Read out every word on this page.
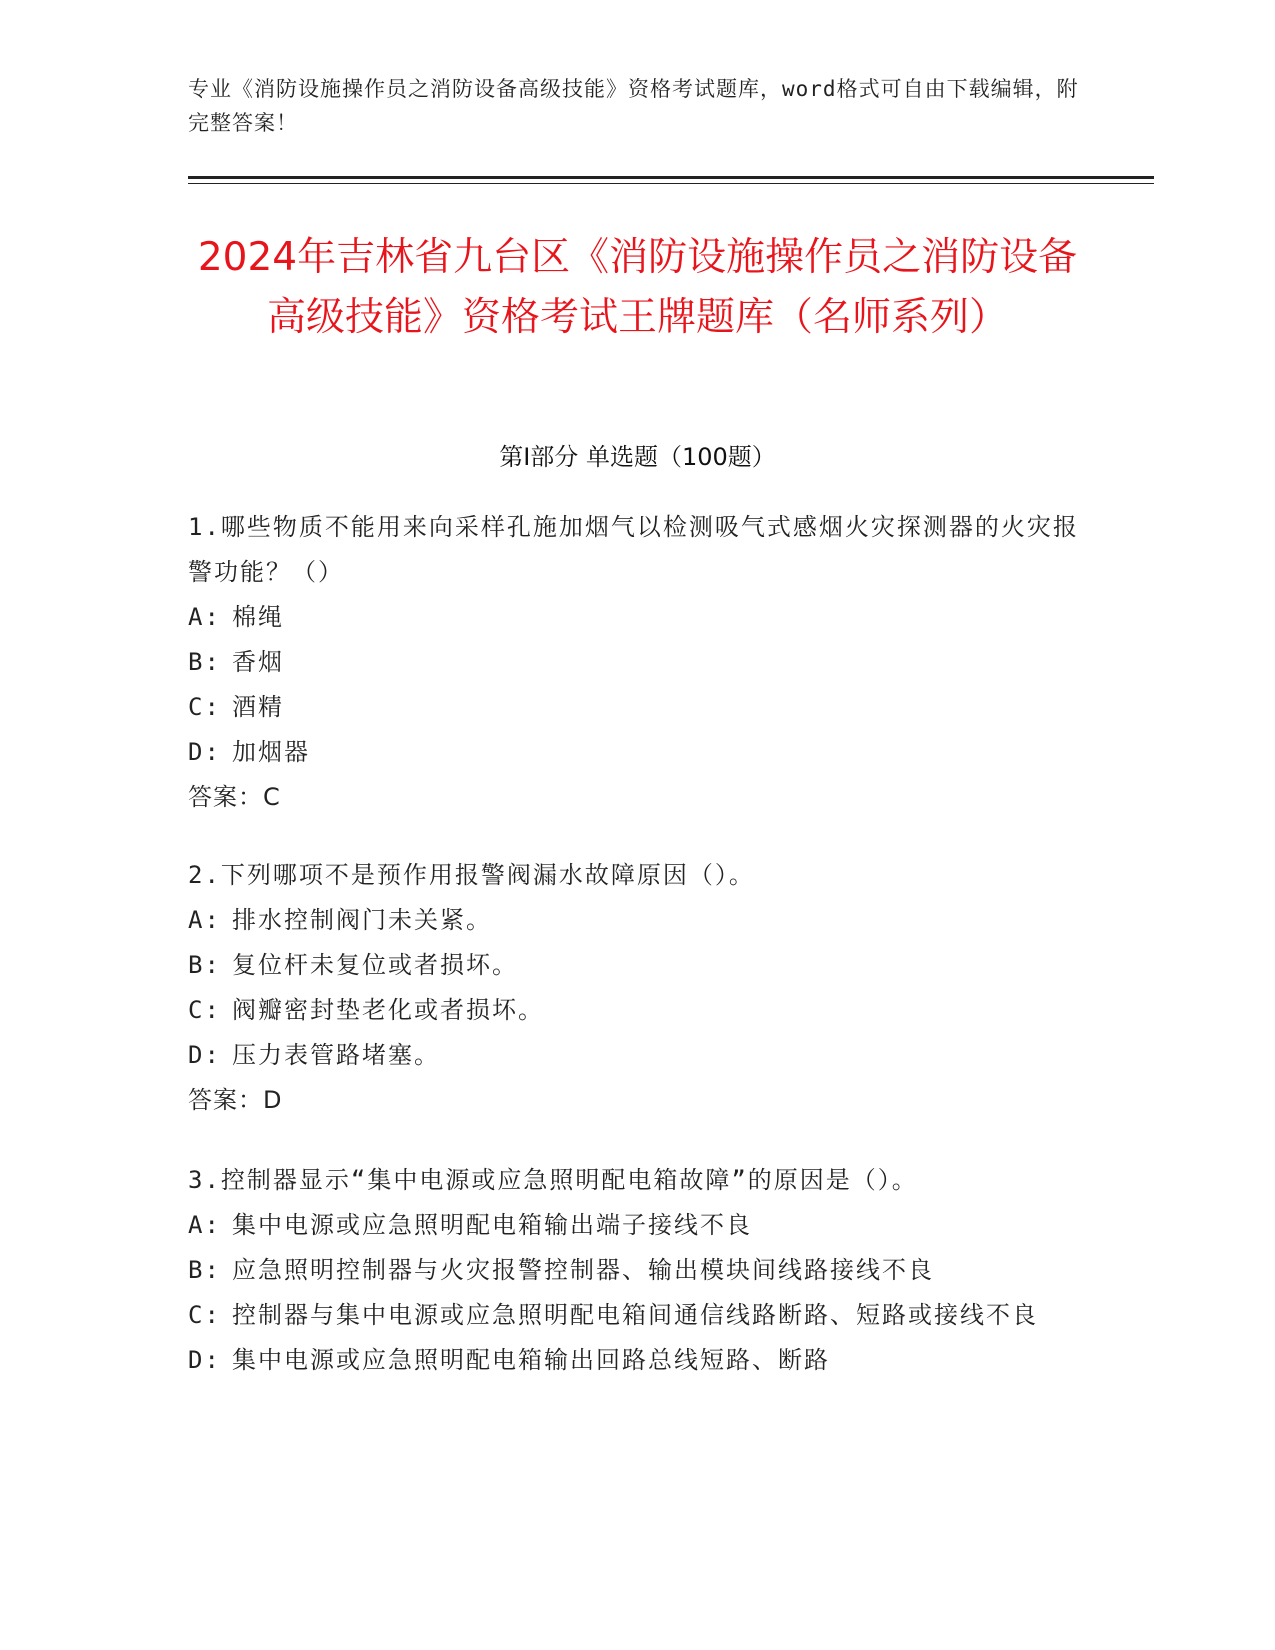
专业《消防设施操作员之消防设备高级技能》资格考试题库，word格式可自由下载编辑，附完整答案！
2024年吉林省九台区《消防设施操作员之消防设备高级技能》资格考试王牌题库（名师系列）
第Ⅰ部分 单选题（100题）
1.哪些物质不能用来向采样孔施加烟气以检测吸气式感烟火灾探测器的火灾报警功能？（）
A: 棉绳
B: 香烟
C: 酒精
D: 加烟器
答案：C
2.下列哪项不是预作用报警阀漏水故障原因（）。
A: 排水控制阀门未关紧。
B: 复位杆未复位或者损坏。
C: 阀瓣密封垫老化或者损坏。
D: 压力表管路堵塞。
答案：D
3.控制器显示“集中电源或应急照明配电箱故障”的原因是（）。
A: 集中电源或应急照明配电箱输出端子接线不良
B: 应急照明控制器与火灾报警控制器、输出模块间线路接线不良
C: 控制器与集中电源或应急照明配电箱间通信线路断路、短路或接线不良
D: 集中电源或应急照明配电箱输出回路总线短路、断路
